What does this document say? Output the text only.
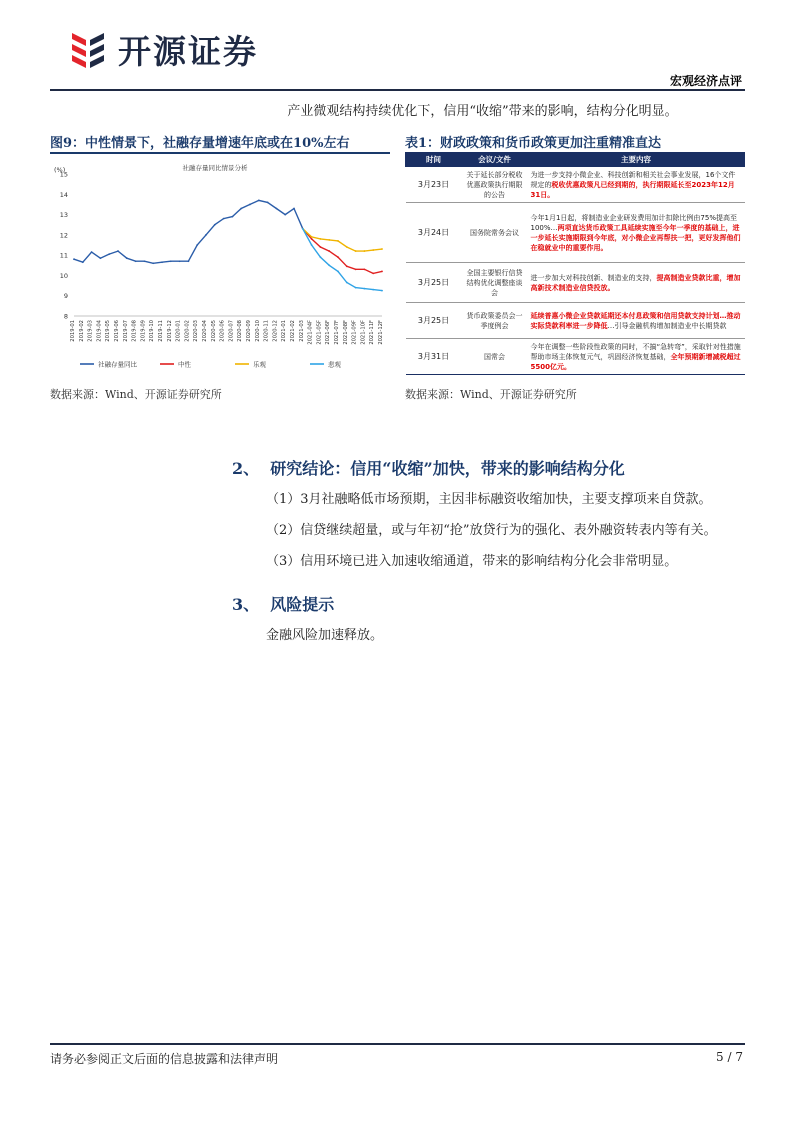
开源证券
宏观经济点评
产业微观结构持续优化下，信用“收缩”带来的影响，结构分化明显。
图9：中性情景下，社融存量增速年底或在10%左右
社融存量同比情景分析
(%)
8
9
10
11
12
13
14
15
2019-01 2019-02 2019-03 2019-04 2019-05 2019-06 2019-07 2019-08 2019-09 2019-10 2019-11 2019-12 2020-01 2020-02 2020-03 2020-04 2020-05 2020-06 2020-07 2020-08 2020-09 2020-10 2020-11 2020-12 2021-01 2021-02 2021-03 2021-04F 2021-05F 2021-06F 2021-07F 2021-08F 2021-09F 2021-10F 2021-11F 2021-12F
社融存量同比	中性	乐观	悲观
数据来源：Wind、开源证券研究所
表1：财政政策和货币政策更加注重精准直达
时间	会议/文件	主要内容
3月23日	关于延长部分税收优惠政策执行期限的公告	为进一步支持小微企业、科技创新和相关社会事业发展，16个文件规定的税收优惠政策凡已经到期的，执行期限延长至2023年12月31日。
3月24日	国务院常务会议	今年1月1日起，将制造业企业研发费用加计扣除比例由75%提高至100%…两项直达货币政策工具延续实施至今年一季度的基础上，进一步延长实施期限到今年底，对小微企业再帮扶一把，更好发挥他们在稳就业中的重要作用。
3月25日	全国主要银行信贷结构优化调整座谈会	进一步加大对科技创新、制造业的支持，提高制造业贷款比重，增加高新技术制造业信贷投放。
3月25日	货币政策委员会一季度例会	延续普惠小微企业贷款延期还本付息政策和信用贷款支持计划…推动实际贷款利率进一步降低…引导金融机构增加制造业中长期贷款
3月31日	国常会	今年在调整一些阶段性政策的同时，不搞“急转弯”，采取针对性措施帮助市场主体恢复元气，巩固经济恢复基础，全年预期新增减税超过5500亿元。
数据来源：Wind、开源证券研究所
2、 研究结论：信用“收缩”加快，带来的影响结构分化
（1）3月社融略低市场预期，主因非标融资收缩加快，主要支撑项来自贷款。
（2）信贷继续超量，或与年初“抢”放贷行为的强化、表外融资转表内等有关。
（3）信用环境已进入加速收缩通道，带来的影响结构分化会非常明显。
3、 风险提示
金融风险加速释放。
请务必参阅正文后面的信息披露和法律声明	5 / 7
